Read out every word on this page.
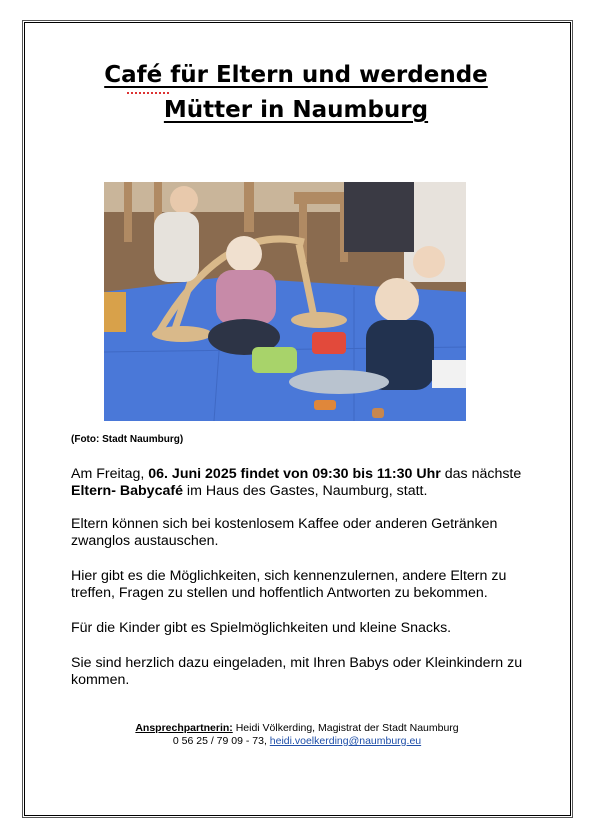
Café für Eltern und werdende
Mütter in Naumburg
(Foto: Stadt Naumburg)

Am Freitag, 06. Juni 2025 findet von 09:30 bis 11:30 Uhr das nächste Eltern- Babycafé im Haus des Gastes, Naumburg, statt.

Eltern können sich bei kostenlosem Kaffee oder anderen Getränken zwanglos austauschen.

Hier gibt es die Möglichkeiten, sich kennenzulernen, andere Eltern zu treffen, Fragen zu stellen und hoffentlich Antworten zu bekommen.

Für die Kinder gibt es Spielmöglichkeiten und kleine Snacks.

Sie sind herzlich dazu eingeladen, mit Ihren Babys oder Kleinkindern zu kommen.

Ansprechpartnerin: Heidi Völkerding, Magistrat der Stadt Naumburg
0 56 25 / 79 09 - 73, heidi.voelkerding@naumburg.eu
